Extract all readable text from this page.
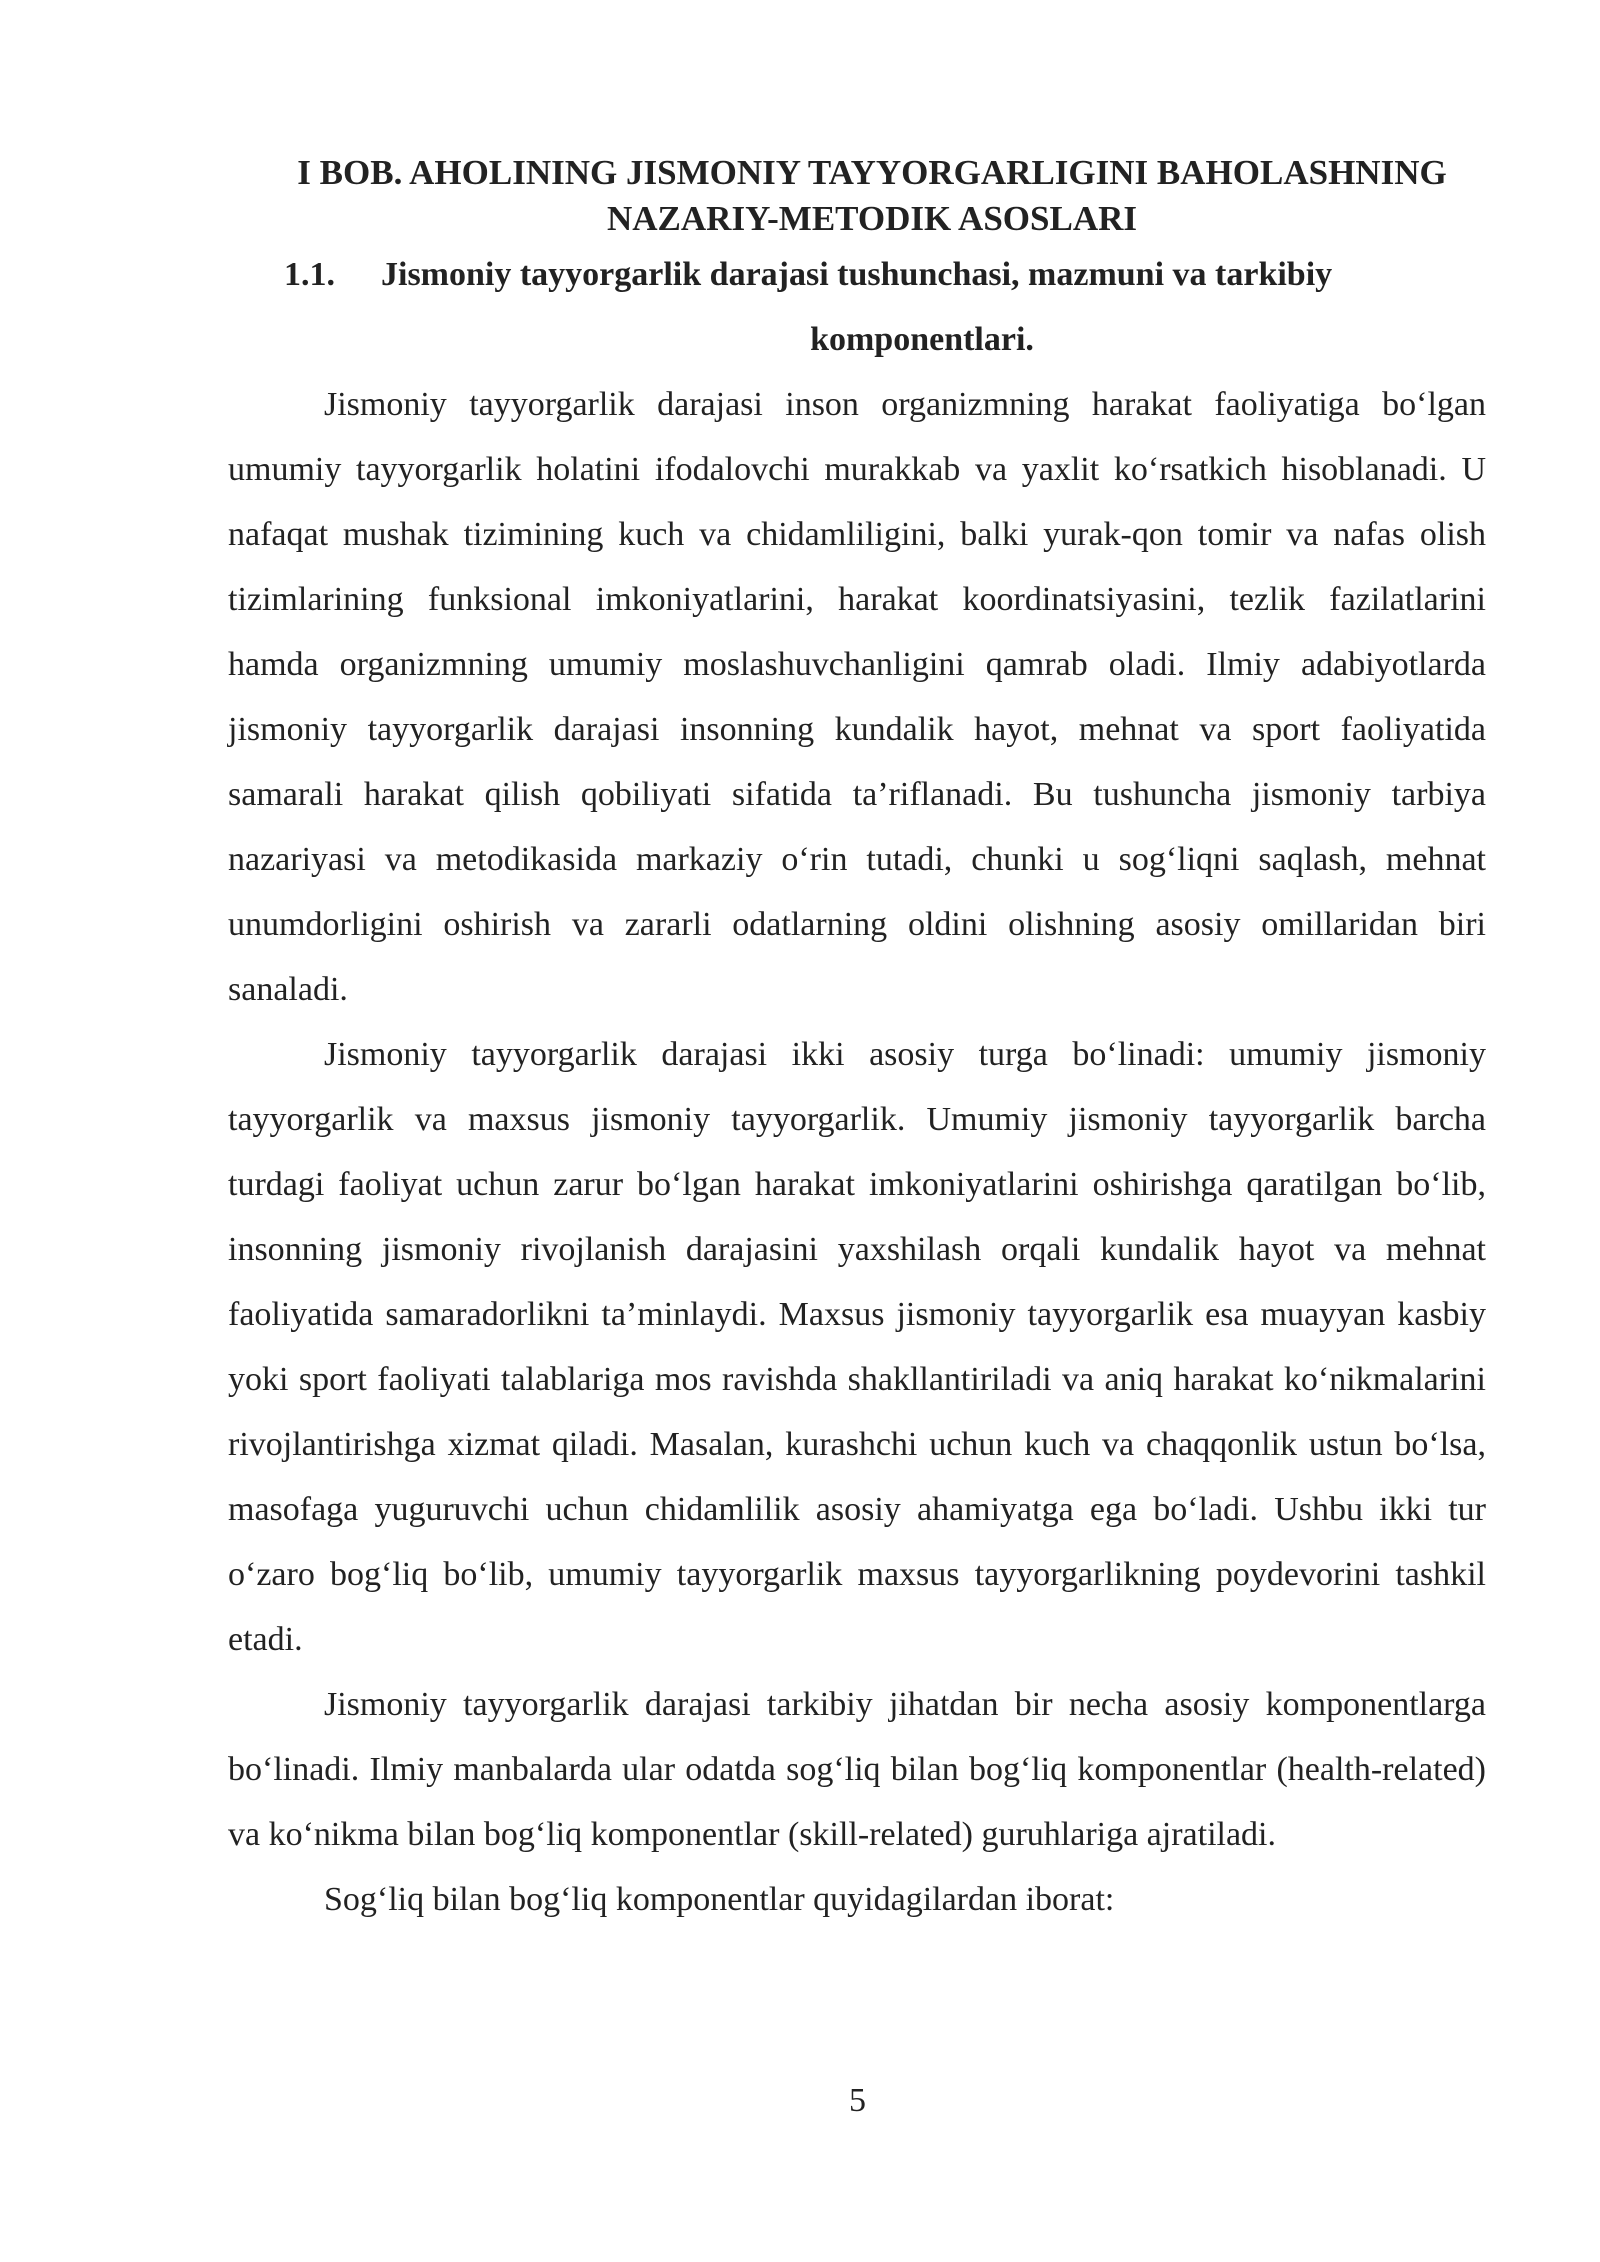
I BOB. AHOLINING JISMONIY TAYYORGARLIGINI BAHOLASHNING
NAZARIY-METODIK ASOSLARI
1.1.	Jismoniy tayyorgarlik darajasi tushunchasi, mazmuni va tarkibiy
komponentlari.

Jismoniy tayyorgarlik darajasi inson organizmning harakat faoliyatiga bo‘lgan umumiy tayyorgarlik holatini ifodalovchi murakkab va yaxlit ko‘rsatkich hisoblanadi. U nafaqat mushak tizimining kuch va chidamliligini, balki yurak-qon tomir va nafas olish tizimlarining funksional imkoniyatlarini, harakat koordinatsiyasini, tezlik fazilatlarini hamda organizmning umumiy moslashuvchanligini qamrab oladi. Ilmiy adabiyotlarda jismoniy tayyorgarlik darajasi insonning kundalik hayot, mehnat va sport faoliyatida samarali harakat qilish qobiliyati sifatida ta’riflanadi. Bu tushuncha jismoniy tarbiya nazariyasi va metodikasida markaziy o‘rin tutadi, chunki u sog‘liqni saqlash, mehnat unumdorligini oshirish va zararli odatlarning oldini olishning asosiy omillaridan biri sanaladi.

Jismoniy tayyorgarlik darajasi ikki asosiy turga bo‘linadi: umumiy jismoniy tayyorgarlik va maxsus jismoniy tayyorgarlik. Umumiy jismoniy tayyorgarlik barcha turdagi faoliyat uchun zarur bo‘lgan harakat imkoniyatlarini oshirishga qaratilgan bo‘lib, insonning jismoniy rivojlanish darajasini yaxshilash orqali kundalik hayot va mehnat faoliyatida samaradorlikni ta’minlaydi. Maxsus jismoniy tayyorgarlik esa muayyan kasbiy yoki sport faoliyati talablariga mos ravishda shakllantiriladi va aniq harakat ko‘nikmalarini rivojlantirishga xizmat qiladi. Masalan, kurashchi uchun kuch va chaqqonlik ustun bo‘lsa, masofaga yuguruvchi uchun chidamlilik asosiy ahamiyatga ega bo‘ladi. Ushbu ikki tur o‘zaro bog‘liq bo‘lib, umumiy tayyorgarlik maxsus tayyorgarlikning poydevorini tashkil etadi.

Jismoniy tayyorgarlik darajasi tarkibiy jihatdan bir necha asosiy komponentlarga bo‘linadi. Ilmiy manbalarda ular odatda sog‘liq bilan bog‘liq komponentlar (health-related) va ko‘nikma bilan bog‘liq komponentlar (skill-related) guruhlariga ajratiladi.

Sog‘liq bilan bog‘liq komponentlar quyidagilardan iborat:

5
